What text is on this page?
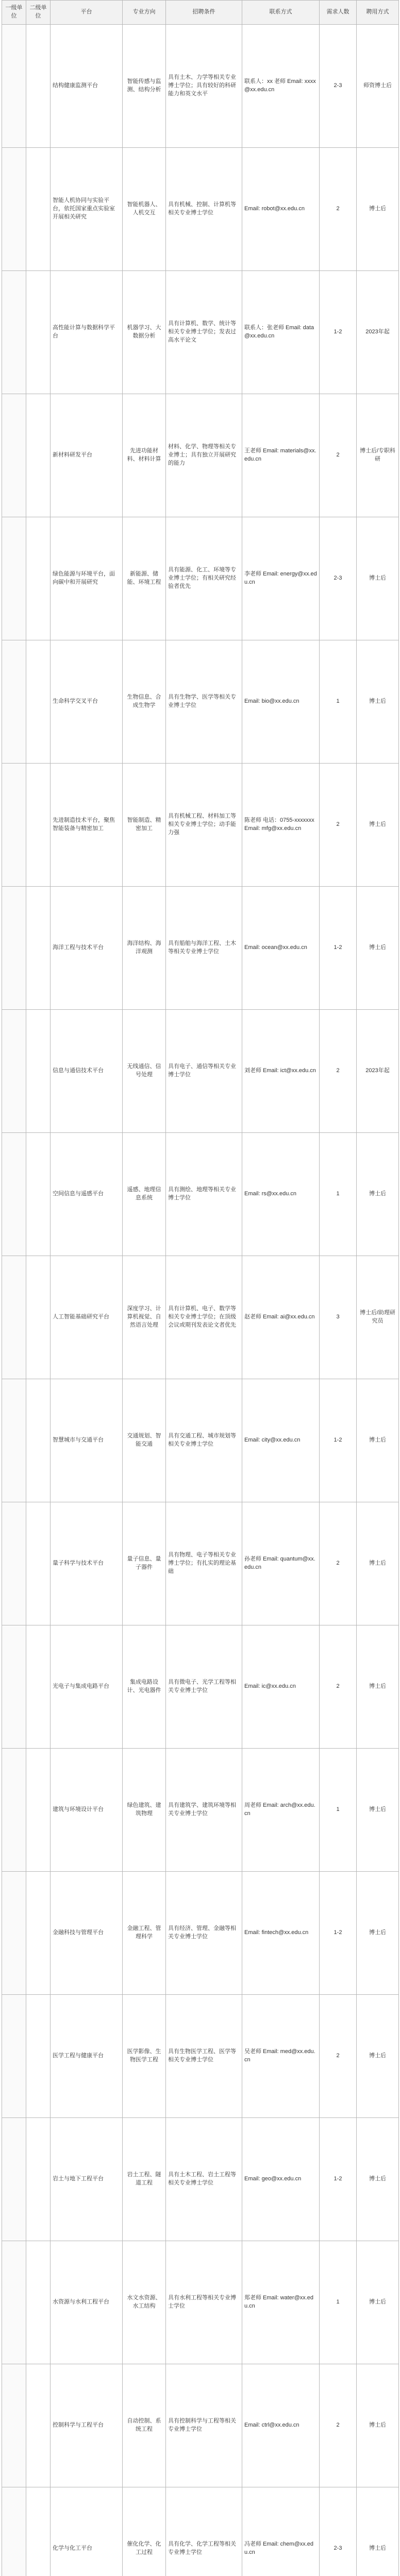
一级单位	二级单位	平台	专业方向	招聘条件	联系方式	需求人数	聘用方式
		结构健康监测平台	智能传感与监测、结构分析	具有土木、力学等相关专业博士学位；具有较好的科研能力和英文水平	联系人：xx 老师 Email: xxxx@xx.edu.cn	2-3	师资博士后
		智能人机协同与实验平台，依托国家重点实验室开展相关研究	智能机器人、人机交互	具有机械、控制、计算机等相关专业博士学位	Email: robot@xx.edu.cn	2	博士后
		高性能计算与数据科学平台	机器学习、大数据分析	具有计算机、数学、统计等相关专业博士学位；发表过高水平论文	联系人：张老师 Email: data@xx.edu.cn	1-2	2023年起
		新材料研发平台	先进功能材料、材料计算	材料、化学、物理等相关专业博士；具有独立开展研究的能力	王老师 Email: materials@xx.edu.cn	2	博士后/专职科研
		绿色能源与环境平台，面向碳中和开展研究	新能源、储能、环境工程	具有能源、化工、环境等专业博士学位；有相关研究经验者优先	李老师 Email: energy@xx.edu.cn	2-3	博士后
		生命科学交叉平台	生物信息、合成生物学	具有生物学、医学等相关专业博士学位	Email: bio@xx.edu.cn	1	博士后
		先进制造技术平台，聚焦智能装备与精密加工	智能制造、精密加工	具有机械工程、材料加工等相关专业博士学位；动手能力强	陈老师 电话：0755-xxxxxxx Email: mfg@xx.edu.cn	2	博士后
		海洋工程与技术平台	海洋结构、海洋观测	具有船舶与海洋工程、土木等相关专业博士学位	Email: ocean@xx.edu.cn	1-2	博士后
		信息与通信技术平台	无线通信、信号处理	具有电子、通信等相关专业博士学位	刘老师 Email: ict@xx.edu.cn	2	2023年起
		空间信息与遥感平台	遥感、地理信息系统	具有测绘、地理等相关专业博士学位	Email: rs@xx.edu.cn	1	博士后
		人工智能基础研究平台	深度学习、计算机视觉、自然语言处理	具有计算机、电子、数学等相关专业博士学位；在顶级会议或期刊发表论文者优先	赵老师 Email: ai@xx.edu.cn	3	博士后/助理研究员
		智慧城市与交通平台	交通规划、智能交通	具有交通工程、城市规划等相关专业博士学位	Email: city@xx.edu.cn	1-2	博士后
		量子科学与技术平台	量子信息、量子器件	具有物理、电子等相关专业博士学位；有扎实的理论基础	孙老师 Email: quantum@xx.edu.cn	2	博士后
		光电子与集成电路平台	集成电路设计、光电器件	具有微电子、光学工程等相关专业博士学位	Email: ic@xx.edu.cn	2	博士后
		建筑与环境设计平台	绿色建筑、建筑物理	具有建筑学、建筑环境等相关专业博士学位	周老师 Email: arch@xx.edu.cn	1	博士后
		金融科技与管理平台	金融工程、管理科学	具有经济、管理、金融等相关专业博士学位	Email: fintech@xx.edu.cn	1-2	博士后
		医学工程与健康平台	医学影像、生物医学工程	具有生物医学工程、医学等相关专业博士学位	吴老师 Email: med@xx.edu.cn	2	博士后
		岩土与地下工程平台	岩土工程、隧道工程	具有土木工程、岩土工程等相关专业博士学位	Email: geo@xx.edu.cn	1-2	博士后
		水资源与水利工程平台	水文水资源、水工结构	具有水利工程等相关专业博士学位	郑老师 Email: water@xx.edu.cn	1	博士后
		控制科学与工程平台	自动控制、系统工程	具有控制科学与工程等相关专业博士学位	Email: ctrl@xx.edu.cn	2	博士后
		化学与化工平台	催化化学、化工过程	具有化学、化学工程等相关专业博士学位	冯老师 Email: chem@xx.edu.cn	2-3	博士后
